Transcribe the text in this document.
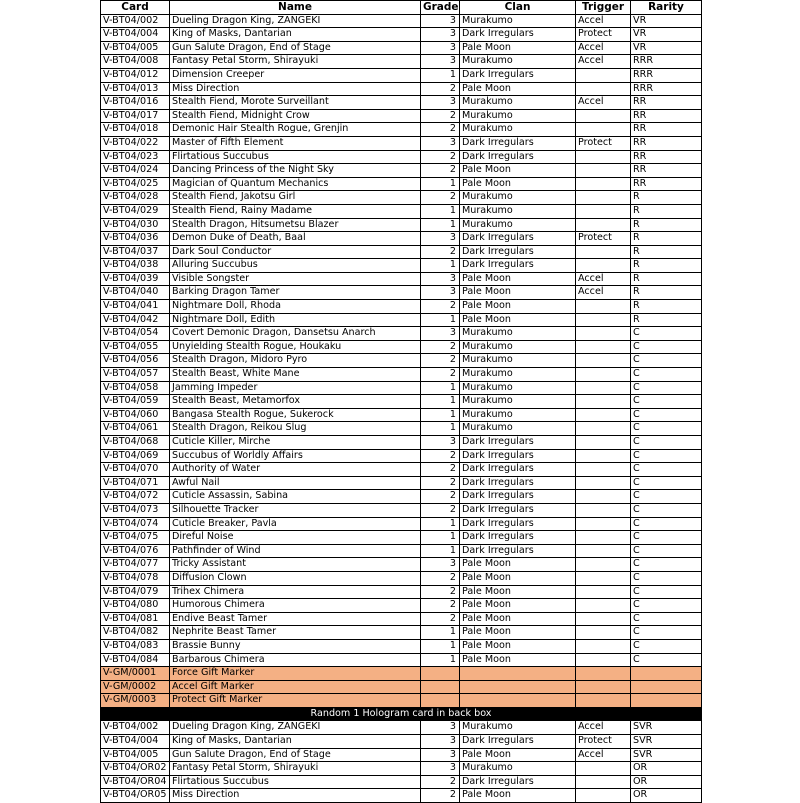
Card	Name	Grade	Clan	Trigger	Rarity
V-BT04/002	Dueling Dragon King, ZANGEKI	3	Murakumo	Accel	VR
V-BT04/004	King of Masks, Dantarian	3	Dark Irregulars	Protect	VR
V-BT04/005	Gun Salute Dragon, End of Stage	3	Pale Moon	Accel	VR
V-BT04/008	Fantasy Petal Storm, Shirayuki	3	Murakumo	Accel	RRR
V-BT04/012	Dimension Creeper	1	Dark Irregulars		RRR
V-BT04/013	Miss Direction	2	Pale Moon		RRR
V-BT04/016	Stealth Fiend, Morote Surveillant	3	Murakumo	Accel	RR
V-BT04/017	Stealth Fiend, Midnight Crow	2	Murakumo		RR
V-BT04/018	Demonic Hair Stealth Rogue, Grenjin	2	Murakumo		RR
V-BT04/022	Master of Fifth Element	3	Dark Irregulars	Protect	RR
V-BT04/023	Flirtatious Succubus	2	Dark Irregulars		RR
V-BT04/024	Dancing Princess of the Night Sky	2	Pale Moon		RR
V-BT04/025	Magician of Quantum Mechanics	1	Pale Moon		RR
V-BT04/028	Stealth Fiend, Jakotsu Girl	2	Murakumo		R
V-BT04/029	Stealth Fiend, Rainy Madame	1	Murakumo		R
V-BT04/030	Stealth Dragon, Hitsumetsu Blazer	1	Murakumo		R
V-BT04/036	Demon Duke of Death, Baal	3	Dark Irregulars	Protect	R
V-BT04/037	Dark Soul Conductor	2	Dark Irregulars		R
V-BT04/038	Alluring Succubus	1	Dark Irregulars		R
V-BT04/039	Visible Songster	3	Pale Moon	Accel	R
V-BT04/040	Barking Dragon Tamer	3	Pale Moon	Accel	R
V-BT04/041	Nightmare Doll, Rhoda	2	Pale Moon		R
V-BT04/042	Nightmare Doll, Edith	1	Pale Moon		R
V-BT04/054	Covert Demonic Dragon, Dansetsu Anarch	3	Murakumo		C
V-BT04/055	Unyielding Stealth Rogue, Houkaku	2	Murakumo		C
V-BT04/056	Stealth Dragon, Midoro Pyro	2	Murakumo		C
V-BT04/057	Stealth Beast, White Mane	2	Murakumo		C
V-BT04/058	Jamming Impeder	1	Murakumo		C
V-BT04/059	Stealth Beast, Metamorfox	1	Murakumo		C
V-BT04/060	Bangasa Stealth Rogue, Sukerock	1	Murakumo		C
V-BT04/061	Stealth Dragon, Reikou Slug	1	Murakumo		C
V-BT04/068	Cuticle Killer, Mirche	3	Dark Irregulars		C
V-BT04/069	Succubus of Worldly Affairs	2	Dark Irregulars		C
V-BT04/070	Authority of Water	2	Dark Irregulars		C
V-BT04/071	Awful Nail	2	Dark Irregulars		C
V-BT04/072	Cuticle Assassin, Sabina	2	Dark Irregulars		C
V-BT04/073	Silhouette Tracker	2	Dark Irregulars		C
V-BT04/074	Cuticle Breaker, Pavla	1	Dark Irregulars		C
V-BT04/075	Direful Noise	1	Dark Irregulars		C
V-BT04/076	Pathfinder of Wind	1	Dark Irregulars		C
V-BT04/077	Tricky Assistant	3	Pale Moon		C
V-BT04/078	Diffusion Clown	2	Pale Moon		C
V-BT04/079	Trihex Chimera	2	Pale Moon		C
V-BT04/080	Humorous Chimera	2	Pale Moon		C
V-BT04/081	Endive Beast Tamer	2	Pale Moon		C
V-BT04/082	Nephrite Beast Tamer	1	Pale Moon		C
V-BT04/083	Brassie Bunny	1	Pale Moon		C
V-BT04/084	Barbarous Chimera	1	Pale Moon		C
V-GM/0001	Force Gift Marker				
V-GM/0002	Accel Gift Marker				
V-GM/0003	Protect Gift Marker				
Random 1 Hologram card in back box					
V-BT04/002	Dueling Dragon King, ZANGEKI	3	Murakumo	Accel	SVR
V-BT04/004	King of Masks, Dantarian	3	Dark Irregulars	Protect	SVR
V-BT04/005	Gun Salute Dragon, End of Stage	3	Pale Moon	Accel	SVR
V-BT04/OR02	Fantasy Petal Storm, Shirayuki	3	Murakumo		OR
V-BT04/OR04	Flirtatious Succubus	2	Dark Irregulars		OR
V-BT04/OR05	Miss Direction	2	Pale Moon		OR
